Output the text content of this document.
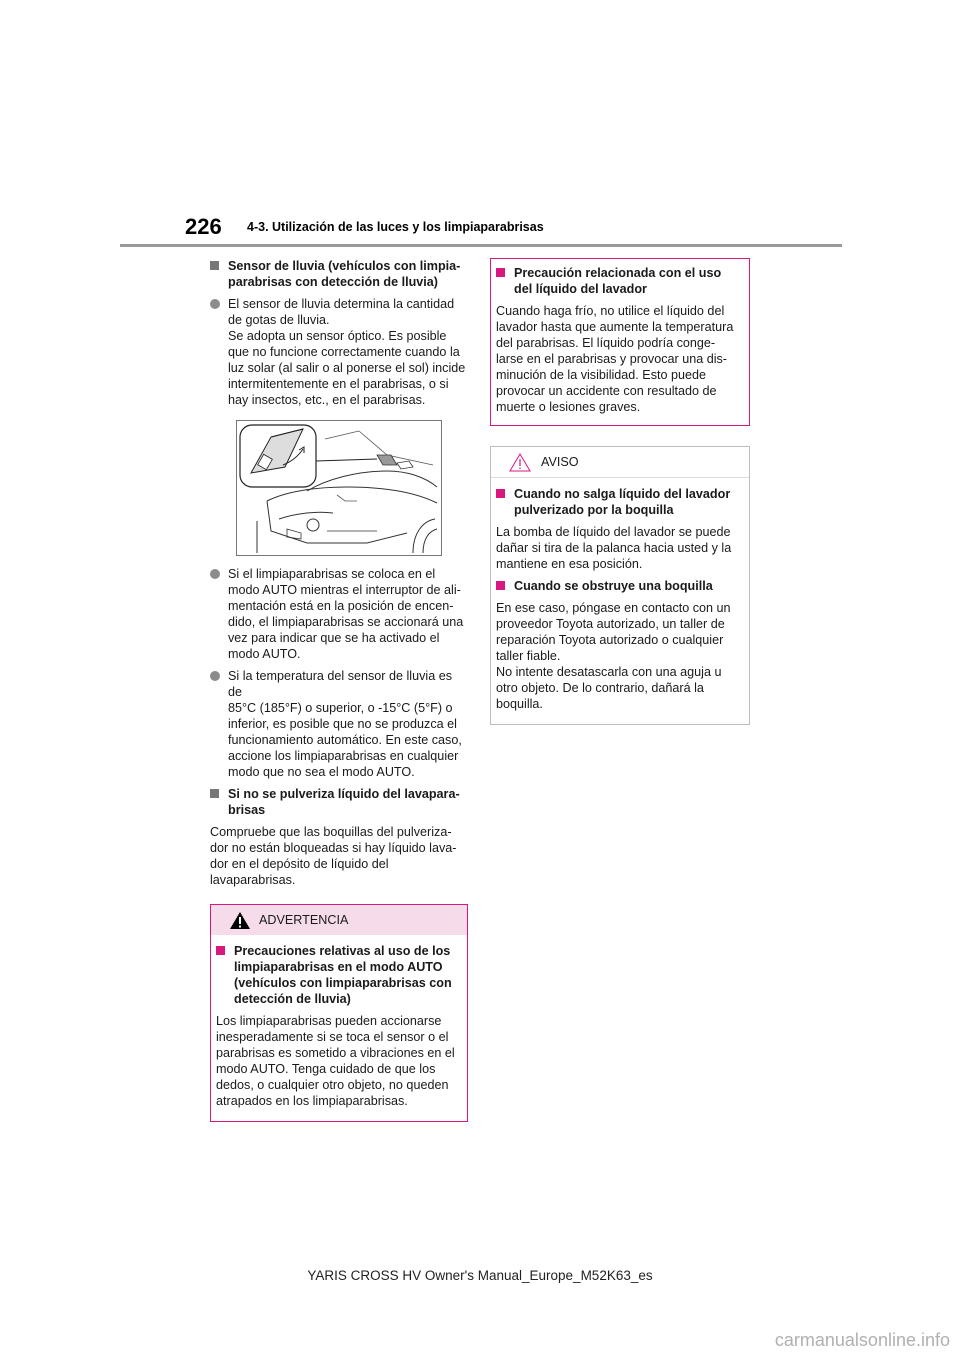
226 4-3. Utilización de las luces y los limpiaparabrisas
Sensor de lluvia (vehículos con limpia-
parabrisas con detección de lluvia)
El sensor de lluvia determina la cantidad
de gotas de lluvia.
Se adopta un sensor óptico. Es posible
que no funcione correctamente cuando la
luz solar (al salir o al ponerse el sol) incide
intermitentemente en el parabrisas, o si
hay insectos, etc., en el parabrisas.
Si el limpiaparabrisas se coloca en el
modo AUTO mientras el interruptor de ali-
mentación está en la posición de encen-
dido, el limpiaparabrisas se accionará una
vez para indicar que se ha activado el
modo AUTO.
Si la temperatura del sensor de lluvia es de
85°C (185°F) o superior, o -15°C (5°F) o
inferior, es posible que no se produzca el
funcionamiento automático. En este caso,
accione los limpiaparabrisas en cualquier
modo que no sea el modo AUTO.
Si no se pulveriza líquido del lavapara-
brisas
Compruebe que las boquillas del pulveriza-
dor no están bloqueadas si hay líquido lava-
dor en el depósito de líquido del
lavaparabrisas.
ADVERTENCIA
Precauciones relativas al uso de los
limpiaparabrisas en el modo AUTO
(vehículos con limpiaparabrisas con
detección de lluvia)
Los limpiaparabrisas pueden accionarse
inesperadamente si se toca el sensor o el
parabrisas es sometido a vibraciones en el
modo AUTO. Tenga cuidado de que los
dedos, o cualquier otro objeto, no queden
atrapados en los limpiaparabrisas.
Precaución relacionada con el uso
del líquido del lavador
Cuando haga frío, no utilice el líquido del
lavador hasta que aumente la temperatura
del parabrisas. El líquido podría conge-
larse en el parabrisas y provocar una dis-
minución de la visibilidad. Esto puede
provocar un accidente con resultado de
muerte o lesiones graves.
AVISO
Cuando no salga líquido del lavador
pulverizado por la boquilla
La bomba de líquido del lavador se puede
dañar si tira de la palanca hacia usted y la
mantiene en esa posición.
Cuando se obstruye una boquilla
En ese caso, póngase en contacto con un
proveedor Toyota autorizado, un taller de
reparación Toyota autorizado o cualquier
taller fiable.
No intente desatascarla con una aguja u
otro objeto. De lo contrario, dañará la
boquilla.
YARIS CROSS HV Owner's Manual_Europe_M52K63_es
carmanualsonline.info
